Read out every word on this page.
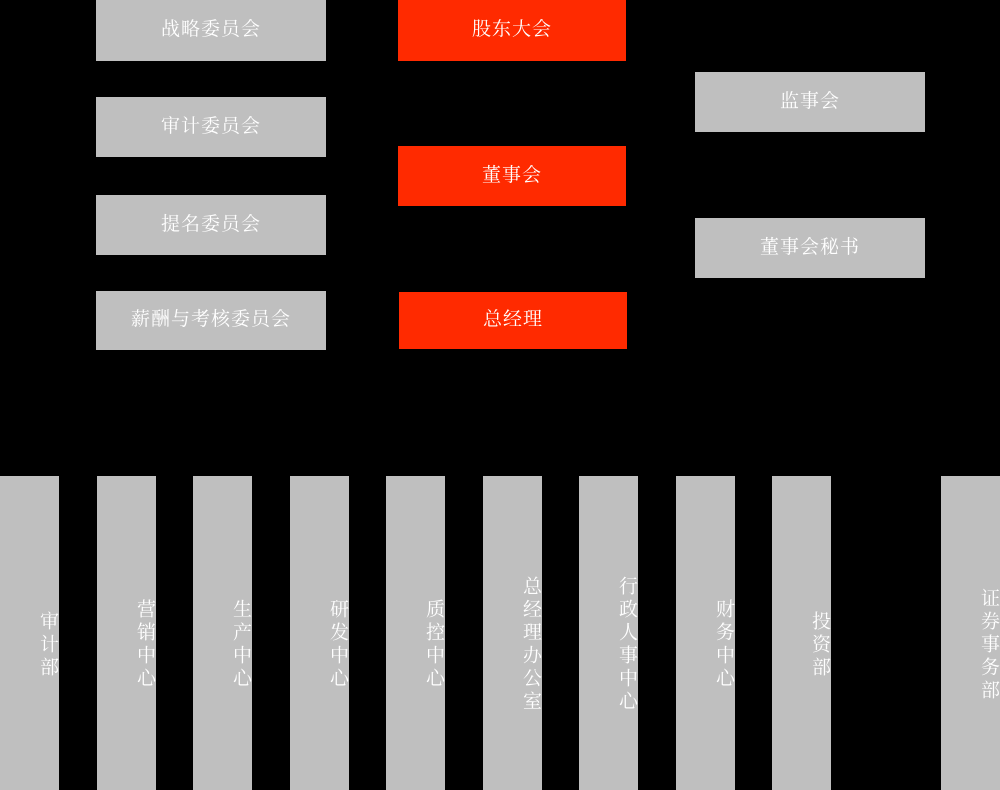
战略委员会	股东大会
监事会
审计委员会
董事会
提名委员会
董事会秘书
薪酬与考核委员会	总经理
审计部	营销中心	生产中心	研发中心	质控中心	总经理办公室	行政人事中心	财务中心	投资部	证券事务部
